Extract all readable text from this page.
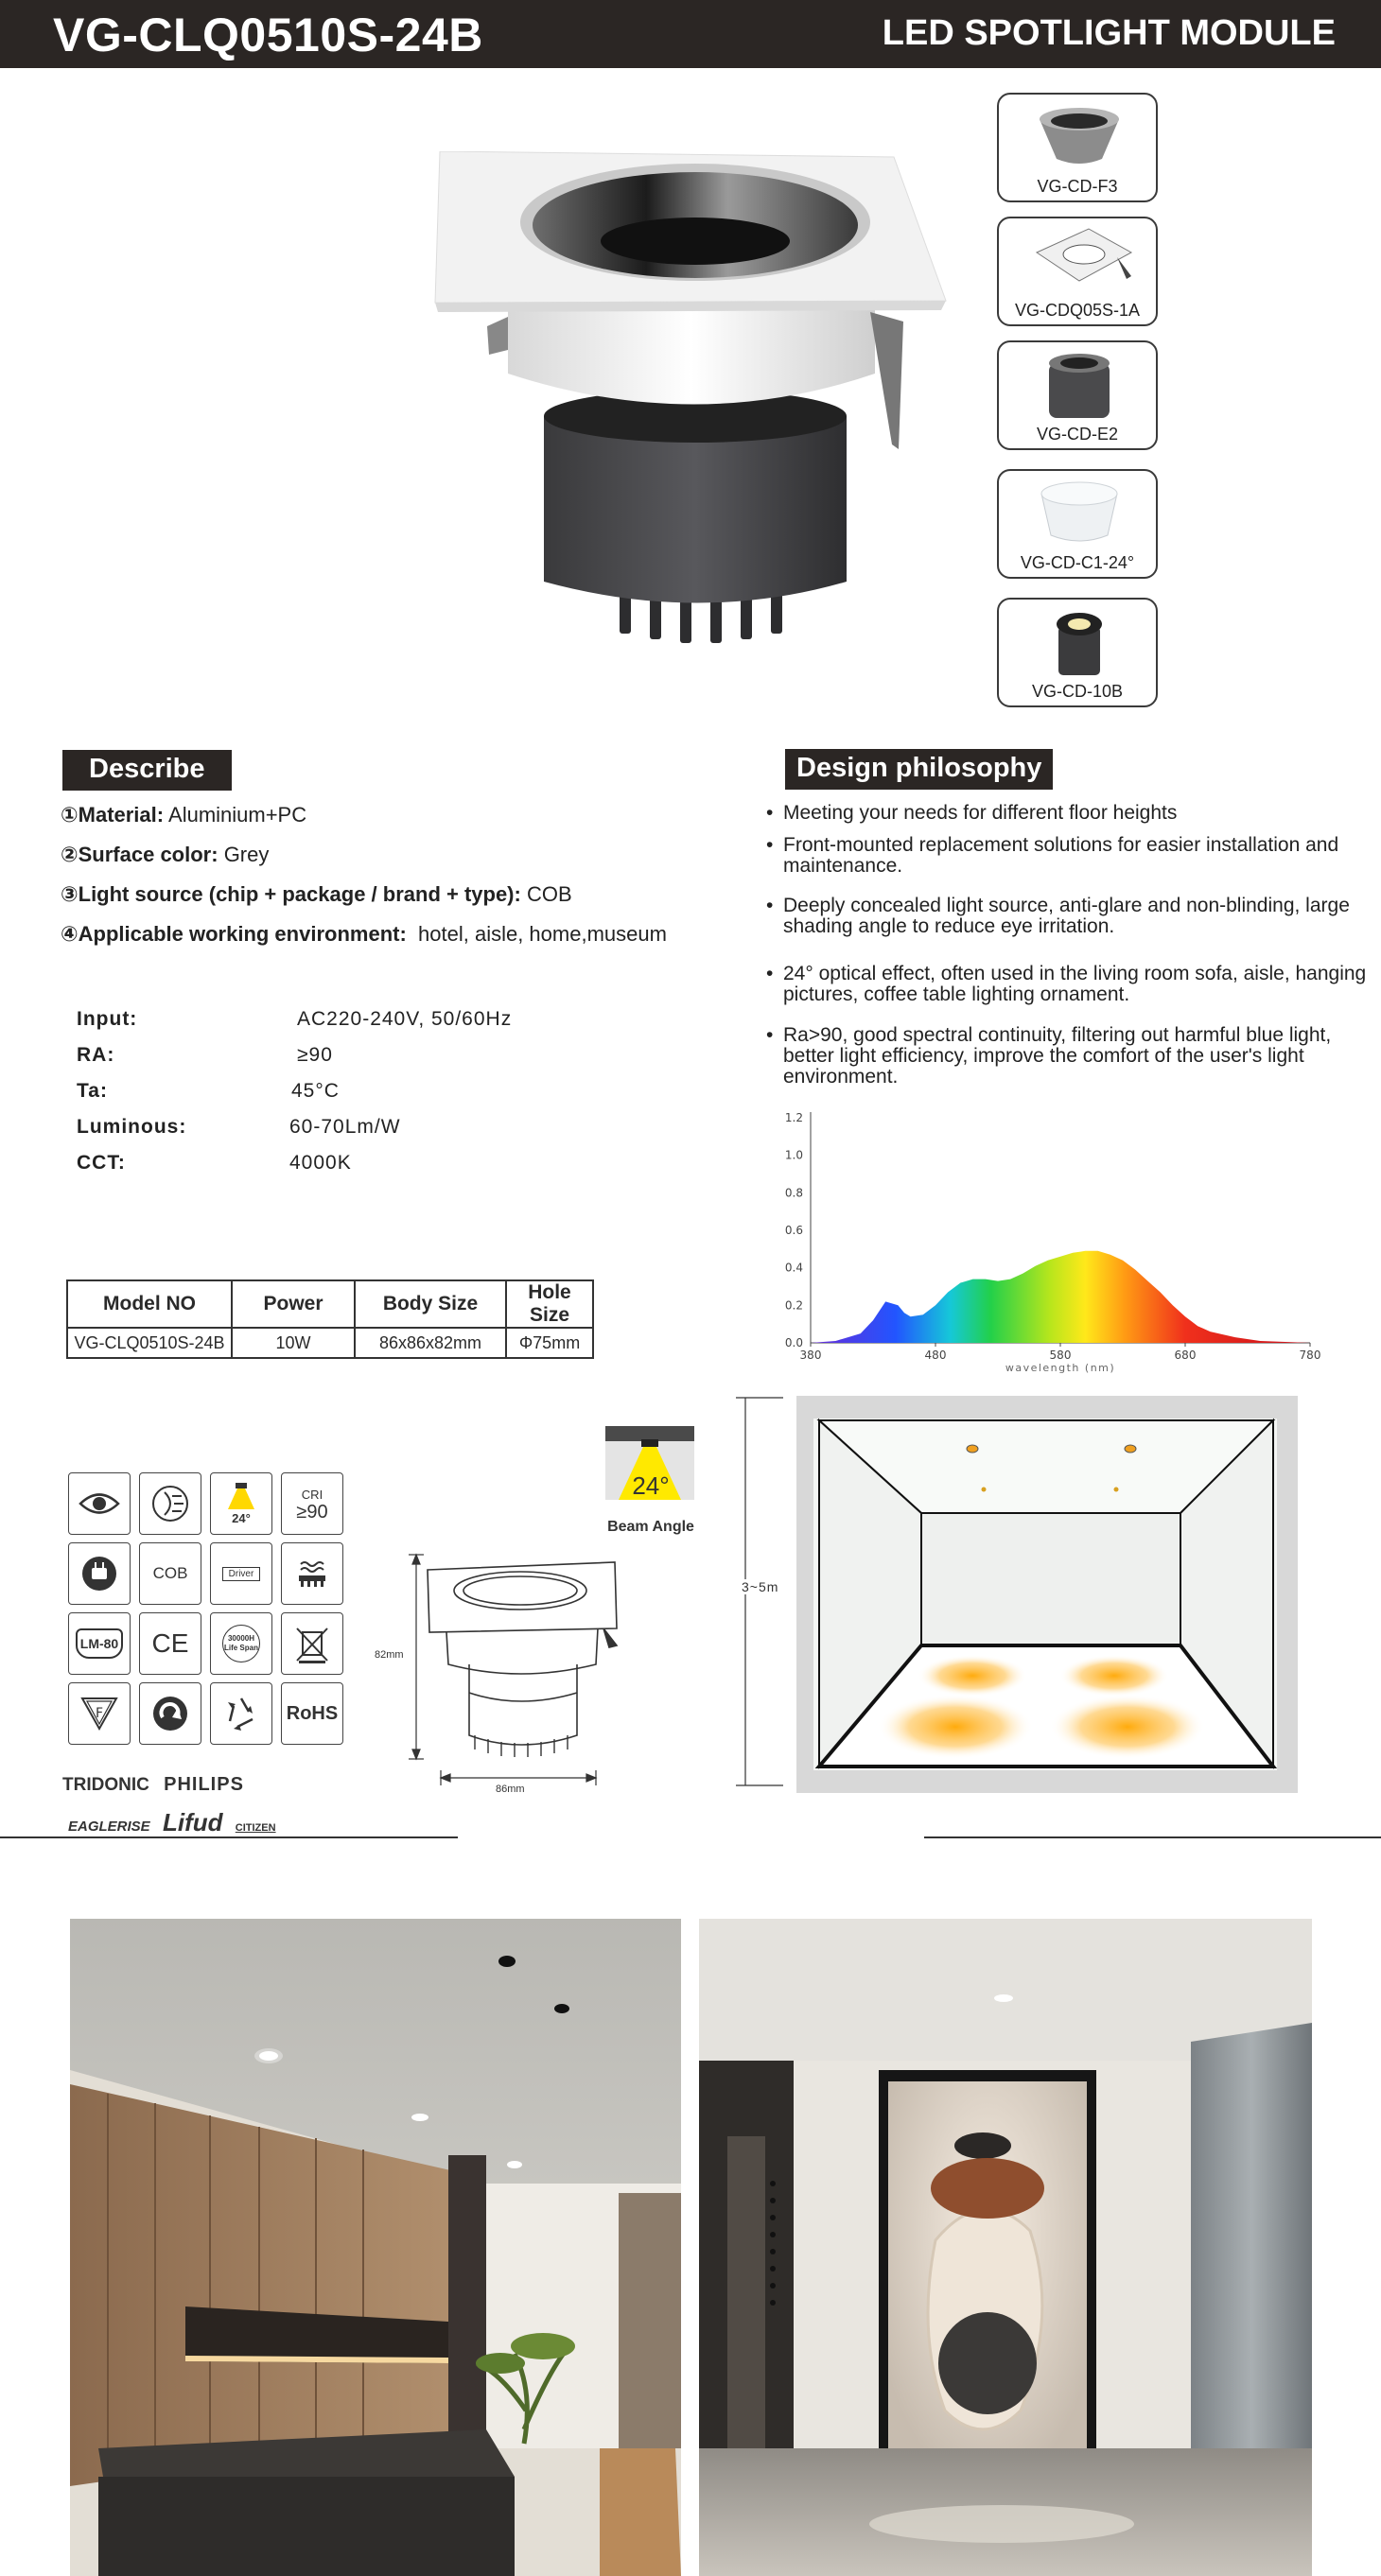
VG-CLQ0510S-24B	LED SPOTLIGHT MODULE
VG-CD-F3
VG-CDQ05S-1A
VG-CD-E2
VG-CD-C1-24°
VG-CD-10B
Describe
①Material: Aluminium+PC
②Surface color: Grey
③Light source (chip + package / brand + type): COB
④Applicable working environment: hotel, aisle, home,museum
Input:	AC220-240V, 50/60Hz
RA:	≥90
Ta:	45°C
Luminous:	60-70Lm/W
CCT:	4000K
Model NO	Power	Body Size	Hole Size
VG-CLQ0510S-24B	10W	86x86x82mm	Φ75mm
Design philosophy
• Meeting your needs for different floor heights
• Front-mounted replacement solutions for easier installation and maintenance.
• Deeply concealed light source, anti-glare and non-blinding, large shading angle to reduce eye irritation.
• 24° optical effect, often used in the living room sofa, aisle, hanging pictures, coffee table lighting ornament.
• Ra>90, good spectral continuity, filtering out harmful blue light, better light efficiency, improve the comfort of the user's light environment.
0.0
0.2
0.4
0.6
0.8
1.0
1.2
380	480	580	680	780
wavelength (nm)
24°
CRI
≥90
COB	Driver
LM-80 CE	30000H Life Span
F	RoHS
TRIDONIC PHILIPS
EAGLERISE Lifud CITIZEN
24°
Beam Angle
82mm
86mm
3~5m
